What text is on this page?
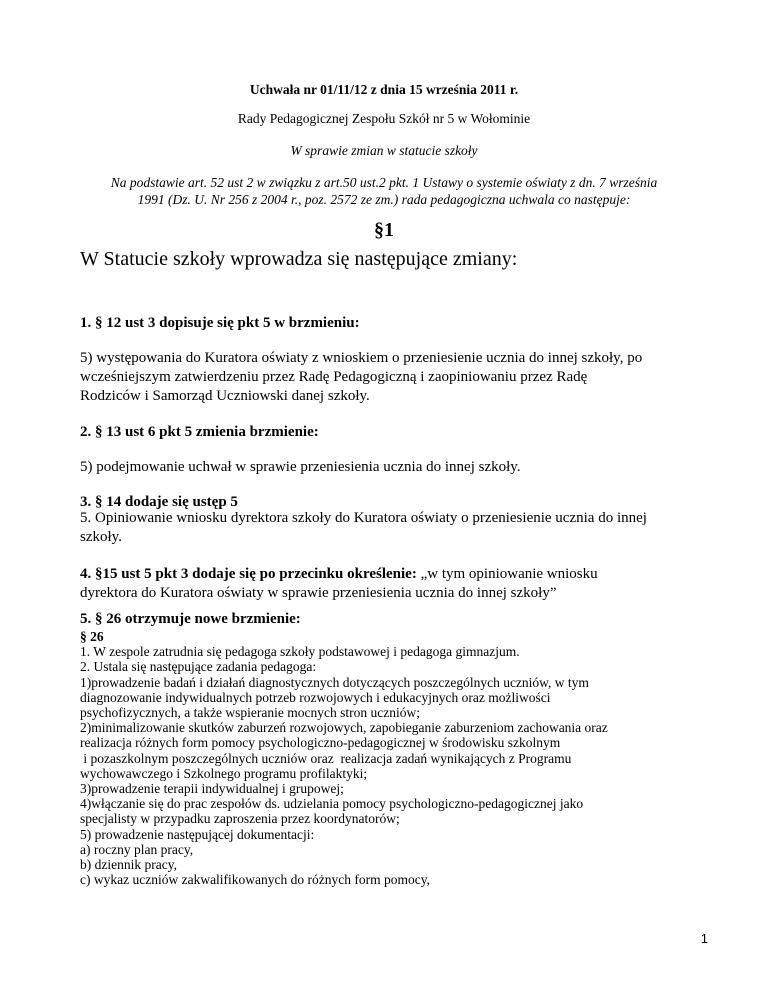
Uchwała nr 01/11/12 z dnia 15 września 2011 r.
Rady Pedagogicznej Zespołu Szkół nr 5 w Wołominie
W sprawie zmian w statucie szkoły
Na podstawie art. 52 ust 2 w związku z art.50 ust.2 pkt. 1 Ustawy o systemie oświaty z dn. 7 września
1991 (Dz. U. Nr 256 z 2004 r., poz. 2572 ze zm.) rada pedagogiczna uchwala co następuje:
§1
W Statucie szkoły wprowadza się następujące zmiany:
1. § 12 ust 3 dopisuje się pkt 5 w brzmieniu:
5) występowania do Kuratora oświaty z wnioskiem o przeniesienie ucznia do innej szkoły, po
wcześniejszym zatwierdzeniu przez Radę Pedagogiczną i zaopiniowaniu przez Radę
Rodziców i Samorząd Uczniowski danej szkoły.
2. § 13 ust 6 pkt 5 zmienia brzmienie:
5) podejmowanie uchwał w sprawie przeniesienia ucznia do innej szkoły.
3. § 14 dodaje się ustęp 5
5. Opiniowanie wniosku dyrektora szkoły do Kuratora oświaty o przeniesienie ucznia do innej
szkoły.
4. §15 ust 5 pkt 3 dodaje się po przecinku określenie: „w tym opiniowanie wniosku
dyrektora do Kuratora oświaty w sprawie przeniesienia ucznia do innej szkoły”
5. § 26 otrzymuje nowe brzmienie:
§ 26
1. W zespole zatrudnia się pedagoga szkoły podstawowej i pedagoga gimnazjum.
2. Ustala się następujące zadania pedagoga:
1)prowadzenie badań i działań diagnostycznych dotyczących poszczególnych uczniów, w tym
diagnozowanie indywidualnych potrzeb rozwojowych i edukacyjnych oraz możliwości
psychofizycznych, a także wspieranie mocnych stron uczniów;
2)minimalizowanie skutków zaburzeń rozwojowych, zapobieganie zaburzeniom zachowania oraz
realizacja różnych form pomocy psychologiczno-pedagogicznej w środowisku szkolnym
i pozaszkolnym poszczególnych uczniów oraz  realizacja zadań wynikających z Programu
wychowawczego i Szkolnego programu profilaktyki;
3)prowadzenie terapii indywidualnej i grupowej;
4)włączanie się do prac zespołów ds. udzielania pomocy psychologiczno-pedagogicznej jako
specjalisty w przypadku zaproszenia przez koordynatorów;
5) prowadzenie następującej dokumentacji:
a) roczny plan pracy,
b) dziennik pracy,
c) wykaz uczniów zakwalifikowanych do różnych form pomocy,
1
